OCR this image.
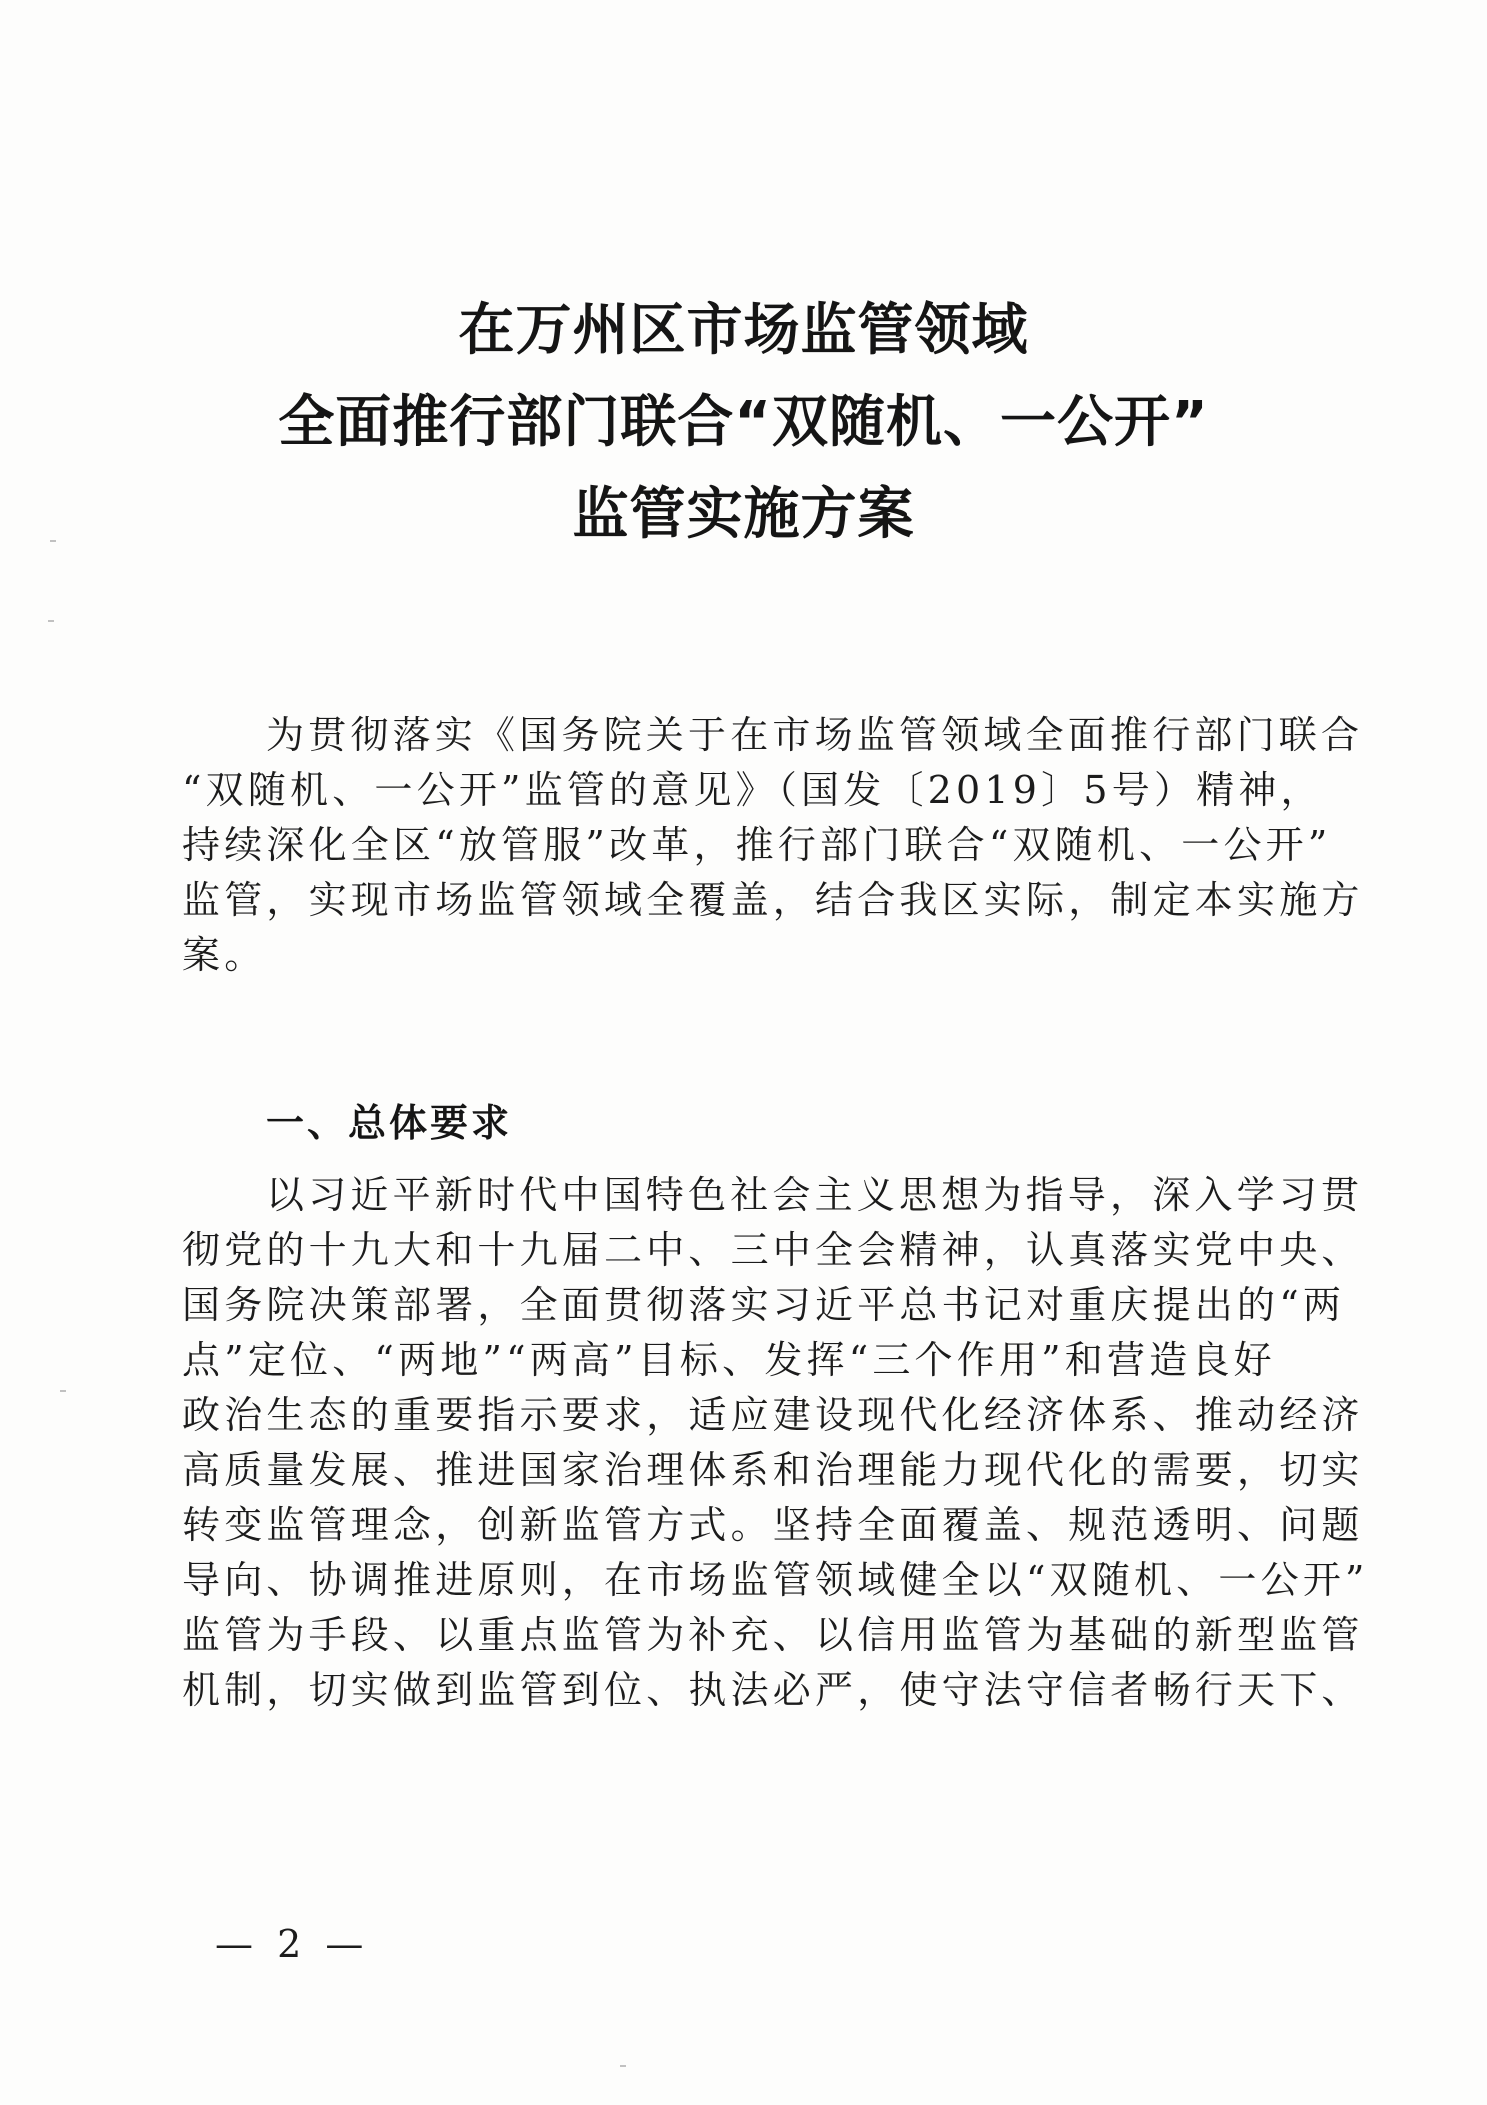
在万州区市场监管领域
全面推行部门联合“双随机、一公开”
监管实施方案
为贯彻落实《国务院关于在市场监管领域全面推行部门联合
“双随机、一公开”监管的意见》（国发〔2019〕5号）精神，
持续深化全区“放管服”改革，推行部门联合“双随机、一公开”
监管，实现市场监管领域全覆盖，结合我区实际，制定本实施方
案。
一、总体要求
以习近平新时代中国特色社会主义思想为指导，深入学习贯
彻党的十九大和十九届二中、三中全会精神，认真落实党中央、
国务院决策部署，全面贯彻落实习近平总书记对重庆提出的“两
点”定位、“两地”“两高”目标、发挥“三个作用”和营造良好
政治生态的重要指示要求，适应建设现代化经济体系、推动经济
高质量发展、推进国家治理体系和治理能力现代化的需要，切实
转变监管理念，创新监管方式。坚持全面覆盖、规范透明、问题
导向、协调推进原则，在市场监管领域健全以“双随机、一公开”
监管为手段、以重点监管为补充、以信用监管为基础的新型监管
机制，切实做到监管到位、执法必严，使守法守信者畅行天下、
— 2 —
